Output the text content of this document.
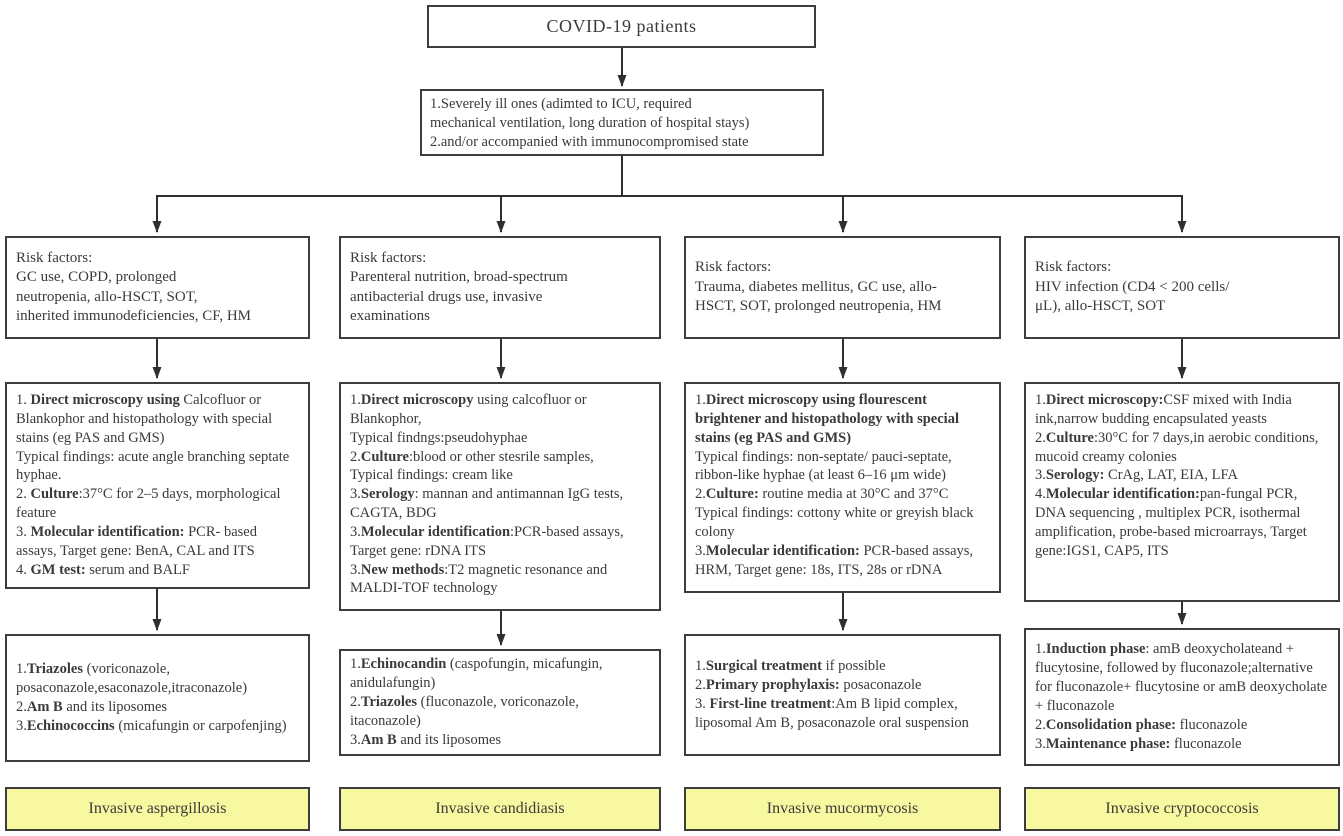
COVID-19 patients
1.Severely ill ones (adimted to ICU, required
mechanical ventilation, long duration of hospital stays)
2.and/or accompanied with immunocompromised state
Risk factors:
GC use, COPD, prolonged
neutropenia, allo-HSCT, SOT,
inherited immunodeficiencies, CF, HM
1. Direct microscopy using Calcofluor or Blankophor and histopathology with special stains (eg PAS and GMS)
Typical findings: acute angle branching septate hyphae.
2. Culture:37°C for 2–5 days, morphological feature
3. Molecular identification: PCR- based assays, Target gene: BenA, CAL and ITS
4. GM test: serum and BALF
1.Triazoles (voriconazole, posaconazole,esaconazole,itraconazole)
2.Am B and its liposomes
3.Echinococcins (micafungin or carpofenjing)
Invasive aspergillosis
Risk factors:
Parenteral nutrition, broad-spectrum
antibacterial drugs use, invasive
examinations
1.Direct microscopy using calcofluor or Blankophor,
Typical findngs:pseudohyphae
2.Culture:blood or other stesrile samples,
Typical findings: cream like
3.Serology: mannan and antimannan IgG tests, CAGTA, BDG
3.Molecular identification:PCR-based assays, Target gene: rDNA ITS
3.New methods:T2 magnetic resonance and MALDI-TOF technology
1.Echinocandin (caspofungin, micafungin, anidulafungin)
2.Triazoles (fluconazole, voriconazole, itaconazole)
3.Am B and its liposomes
Invasive candidiasis
Risk factors:
Trauma, diabetes mellitus, GC use, allo-
HSCT, SOT, prolonged neutropenia, HM
1.Direct microscopy using flourescent brightener and histopathology with special stains (eg PAS and GMS)
Typical findings: non-septate/ pauci-septate, ribbon-like hyphae (at least 6–16 μm wide)
2.Culture: routine media at 30°C and 37°C
Typical findings: cottony white or greyish black colony
3.Molecular identification: PCR-based assays, HRM, Target gene: 18s, ITS, 28s or rDNA
1.Surgical treatment if possible
2.Primary prophylaxis: posaconazole
3. First-line treatment:Am B lipid complex, liposomal Am B, posaconazole oral suspension
Invasive mucormycosis
Risk factors:
HIV infection (CD4 < 200 cells/
μL), allo-HSCT, SOT
1.Direct microscopy:CSF mixed with India ink,narrow budding encapsulated yeasts
2.Culture:30°C for 7 days,in aerobic conditions, mucoid creamy colonies
3.Serology: CrAg, LAT, EIA, LFA
4.Molecular identification:pan-fungal PCR, DNA sequencing , multiplex PCR, isothermal amplification, probe-based microarrays, Target gene:IGS1, CAP5, ITS
1.Induction phase: amB deoxycholateand + flucytosine, followed by fluconazole;alternative for fluconazole+ flucytosine or amB deoxycholate + fluconazole
2.Consolidation phase: fluconazole
3.Maintenance phase: fluconazole
Invasive cryptococcosis
